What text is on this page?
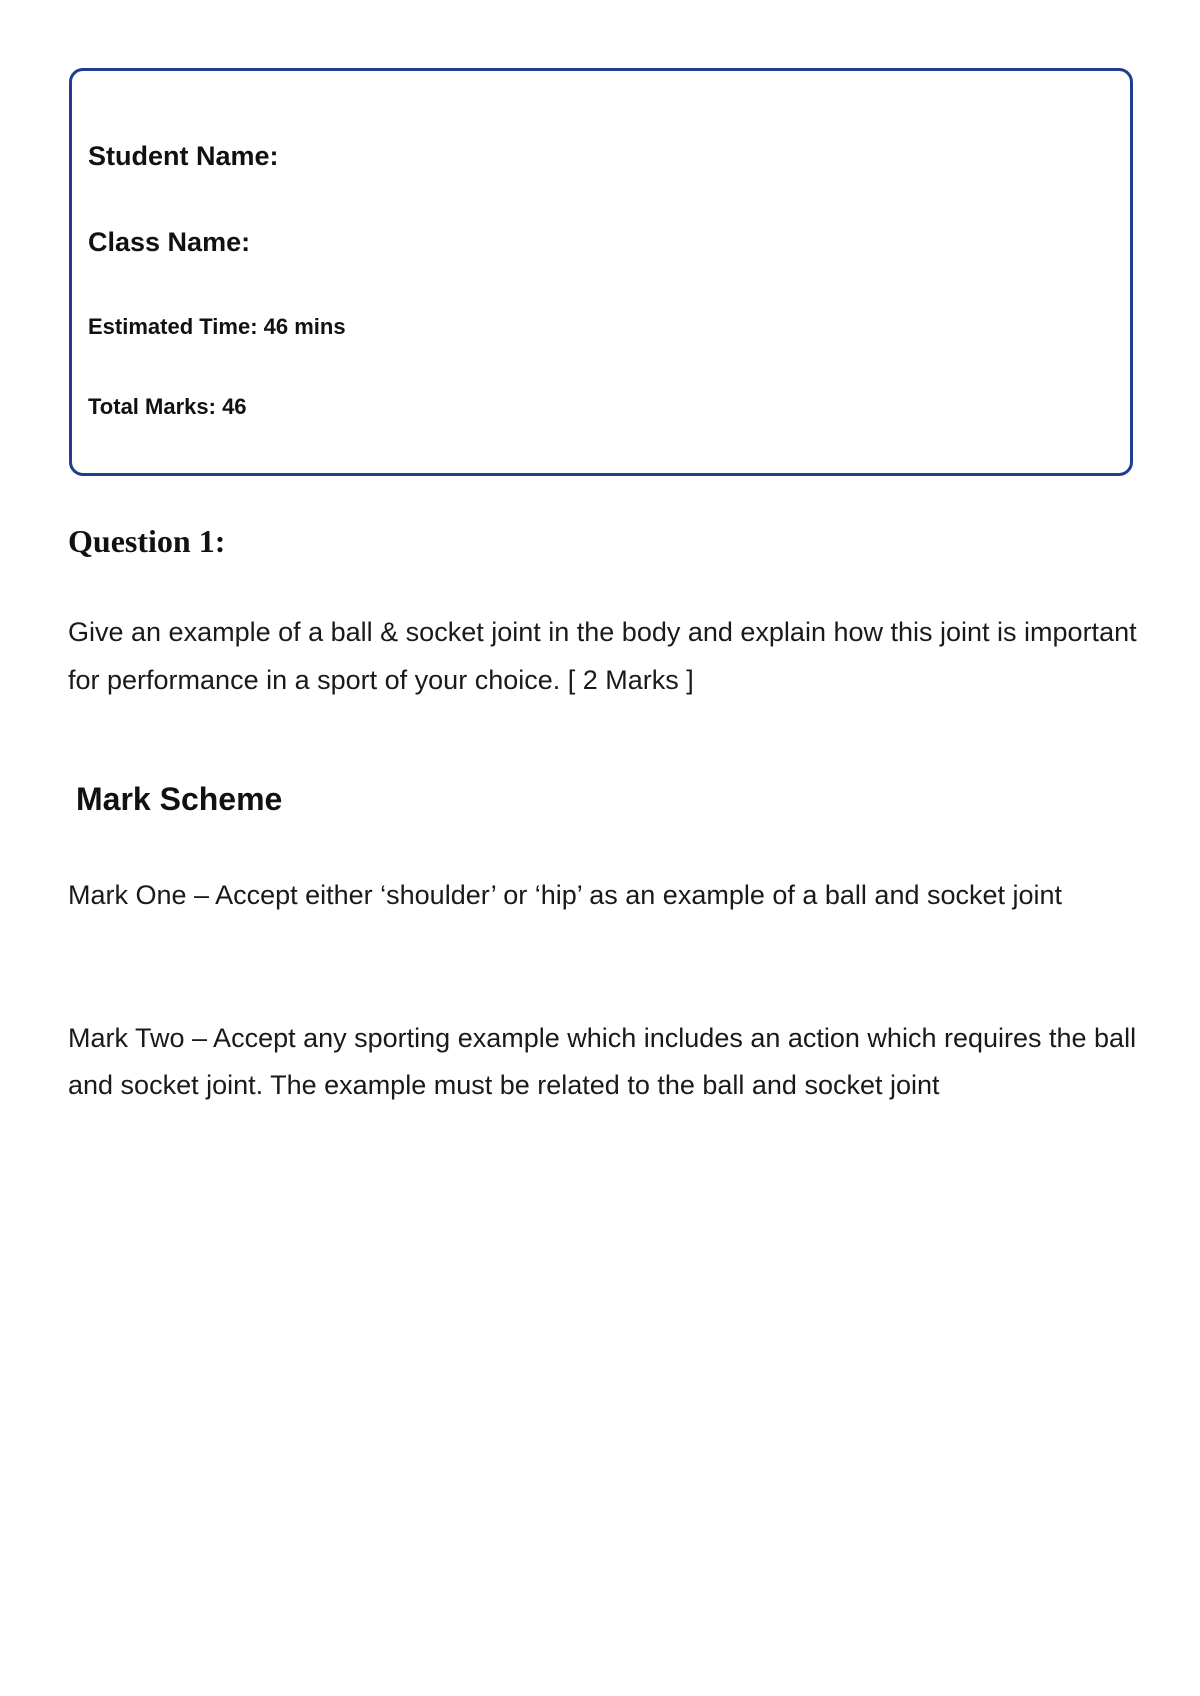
Student Name:
Class Name:
Estimated Time: 46 mins
Total Marks: 46
Question 1:

Give an example of a ball & socket joint in the body and explain how this joint is important for performance in a sport of your choice. [ 2 Marks ]

Mark Scheme

Mark One – Accept either ‘shoulder’ or ‘hip’ as an example of a ball and socket joint

Mark Two – Accept any sporting example which includes an action which requires the ball and socket joint. The example must be related to the ball and socket joint
